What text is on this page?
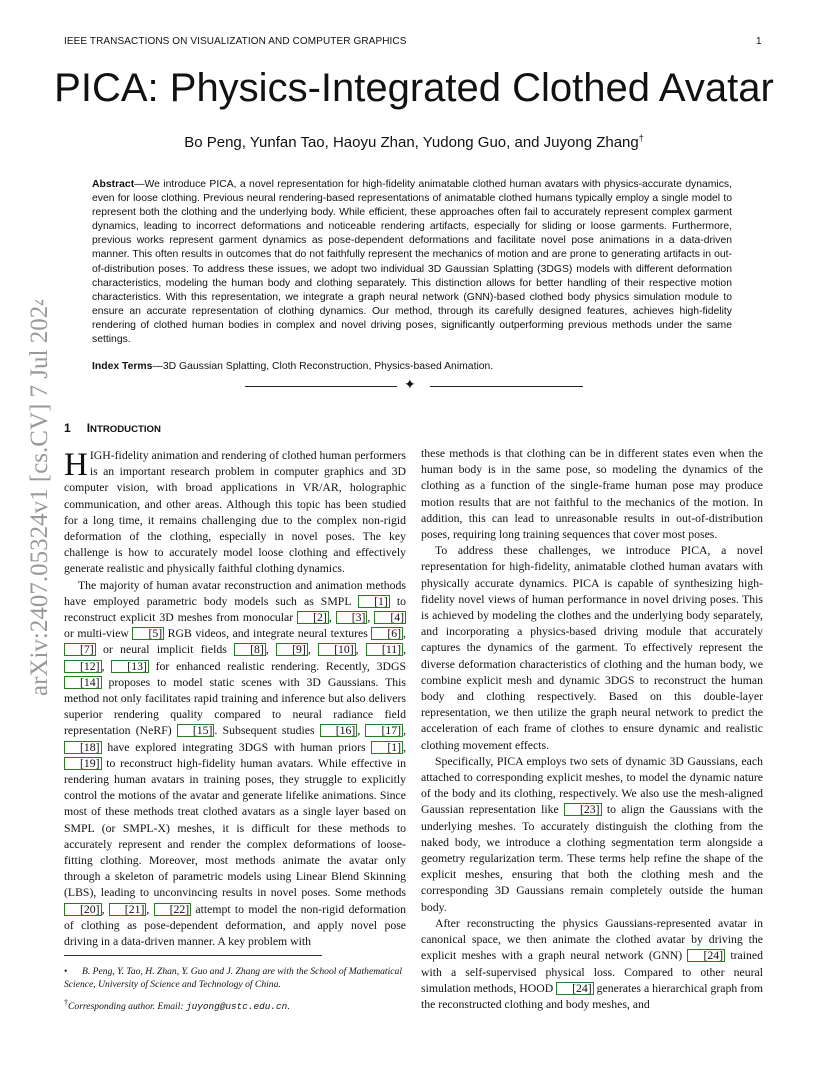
IEEE TRANSACTIONS ON VISUALIZATION AND COMPUTER GRAPHICS	1
PICA: Physics-Integrated Clothed Avatar
Bo Peng, Yunfan Tao, Haoyu Zhan, Yudong Guo, and Juyong Zhang†
Abstract—We introduce PICA, a novel representation for high-fidelity animatable clothed human avatars with physics-accurate dynamics, even for loose clothing. Previous neural rendering-based representations of animatable clothed humans typically employ a single model to represent both the clothing and the underlying body. While efficient, these approaches often fail to accurately represent complex garment dynamics, leading to incorrect deformations and noticeable rendering artifacts, especially for sliding or loose garments. Furthermore, previous works represent garment dynamics as pose-dependent deformations and facilitate novel pose animations in a data-driven manner. This often results in outcomes that do not faithfully represent the mechanics of motion and are prone to generating artifacts in out-of-distribution poses. To address these issues, we adopt two individual 3D Gaussian Splatting (3DGS) models with different deformation characteristics, modeling the human body and clothing separately. This distinction allows for better handling of their respective motion characteristics. With this representation, we integrate a graph neural network (GNN)-based clothed body physics simulation module to ensure an accurate representation of clothing dynamics. Our method, through its carefully designed features, achieves high-fidelity rendering of clothed human bodies in complex and novel driving poses, significantly outperforming previous methods under the same settings.
Index Terms—3D Gaussian Splatting, Cloth Reconstruction, Physics-based Animation.
✦
arXiv:2407.05324v1 [cs.CV] 7 Jul 2024 1 INTRODUCTION

HIGH-fidelity animation and rendering of clothed human performers is an important research problem in computer graphics and 3D computer vision, with broad applications in VR/AR, holographic communication, and other areas. Although this topic has been studied for a long time, it remains challenging due to the complex non-rigid deformation of the clothing, especially in novel poses. The key challenge is how to accurately model loose clothing and effectively generate realistic and physically faithful clothing dynamics.

The majority of human avatar reconstruction and animation methods have employed parametric body models such as SMPL [1] to reconstruct explicit 3D meshes from monocular [2] , [3] , [4] or multi-view [5] RGB videos, and integrate neural textures [6] , [7] or neural implicit fields [8] , [9] , [10] , [11] , [12] , [13] for enhanced realistic rendering. Recently, 3DGS [14] proposes to model static scenes with 3D Gaussians. This method not only facilitates rapid training and inference but also delivers superior rendering quality compared to neural radiance field representation (NeRF) [15] . Subsequent studies [16] , [17] , [18] have explored integrating 3DGS with human priors [1] , [19] to reconstruct high-fidelity human avatars. While effective in rendering human avatars in training poses, they struggle to explicitly control the motions of the avatar and generate lifelike animations. Since most of these methods treat clothed avatars as a single layer based on SMPL (or SMPL-X) meshes, it is difficult for these methods to accurately represent and render the complex deformations of loose-fitting clothing. Moreover, most methods animate the avatar only through a skeleton of parametric models using Linear Blend Skinning (LBS), leading to unconvincing results in novel poses. Some methods [20] , [21] , [22] attempt to model the non-rigid deformation of clothing as pose-dependent deformation, and apply novel pose driving in a data-driven manner. A key problem with

these methods is that clothing can be in different states even when the human body is in the same pose, so modeling the dynamics of the clothing as a function of the single-frame human pose may produce motion results that are not faithful to the mechanics of the motion. In addition, this can lead to unreasonable results in out-of-distribution poses, requiring long training sequences that cover most poses.

To address these challenges, we introduce PICA, a novel representation for high-fidelity, animatable clothed human avatars with physically accurate dynamics. PICA is capable of synthesizing high-fidelity novel views of human performance in novel driving poses. This is achieved by modeling the clothes and the underlying body separately, and incorporating a physics-based driving module that accurately captures the dynamics of the garment. To effectively represent the diverse deformation characteristics of clothing and the human body, we combine explicit mesh and dynamic 3DGS to reconstruct the human body and clothing respectively. Based on this double-layer representation, we then utilize the graph neural network to predict the acceleration of each frame of clothes to ensure dynamic and realistic clothing movement effects.

Specifically, PICA employs two sets of dynamic 3D Gaussians, each attached to corresponding explicit meshes, to model the dynamic nature of the body and its clothing, respectively. We also use the mesh-aligned Gaussian representation like [23] to align the Gaussians with the underlying meshes. To accurately distinguish the clothing from the naked body, we introduce a clothing segmentation term alongside a geometry regularization term. These terms help refine the shape of the explicit meshes, ensuring that both the clothing mesh and the corresponding 3D Gaussians remain completely outside the human body.

After reconstructing the physics Gaussians-represented avatar in canonical space, we then animate the clothed avatar by driving the explicit meshes with a graph neural network (GNN) [24] trained with a self-supervised physical loss. Compared to other neural simulation methods, HOOD [24] generates a hierarchical graph from the reconstructed clothing and body meshes, and

• B. Peng, Y. Tao, H. Zhan, Y. Guo and J. Zhang are with the School of Mathematical Science, University of Science and Technology of China.
†Corresponding author. Email: juyong@ustc.edu.cn.
